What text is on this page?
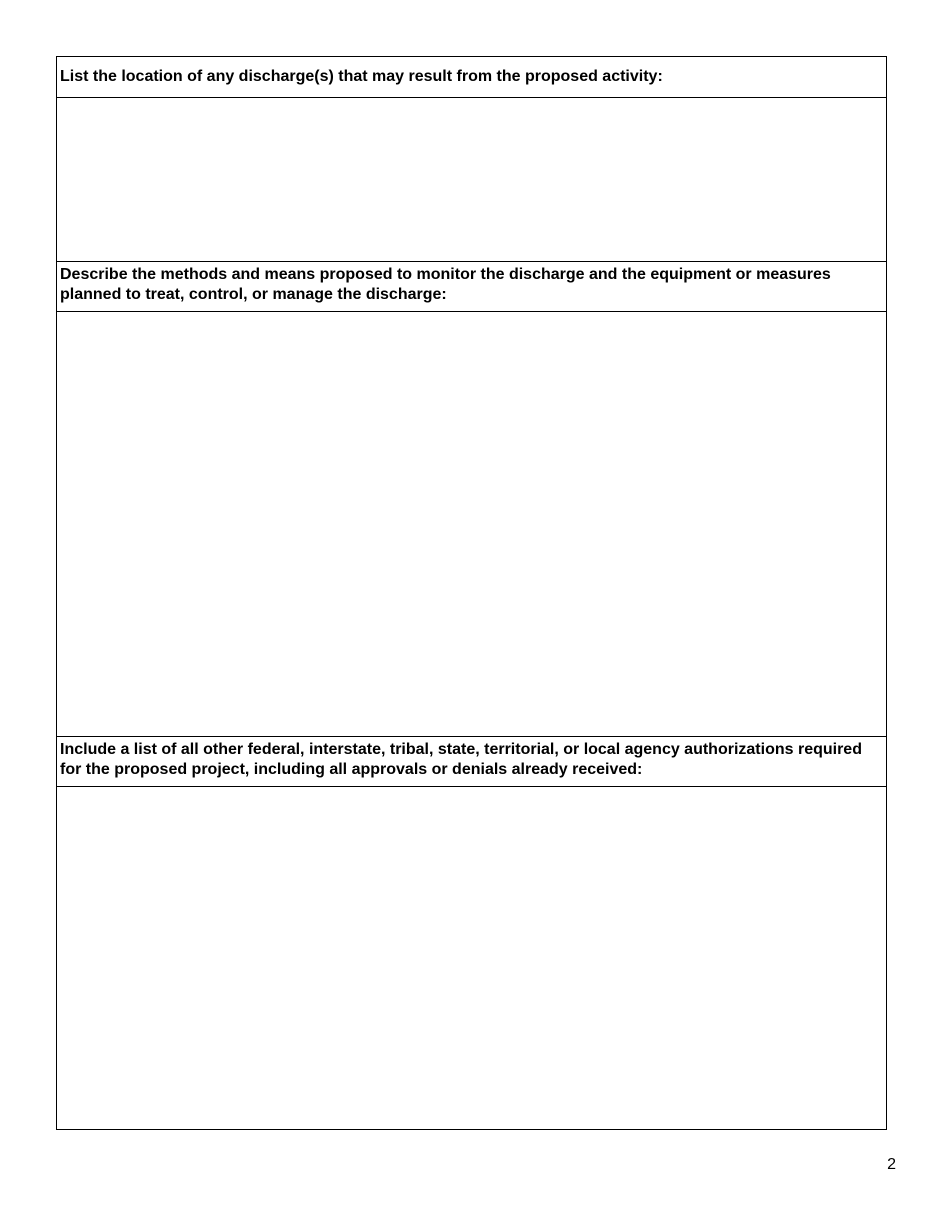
List the location of any discharge(s) that may result from the proposed activity:

Describe the methods and means proposed to monitor the discharge and the equipment or measures planned to treat, control, or manage the discharge:

Include a list of all other federal, interstate, tribal, state, territorial, or local agency authorizations required for the proposed project, including all approvals or denials already received:

2
